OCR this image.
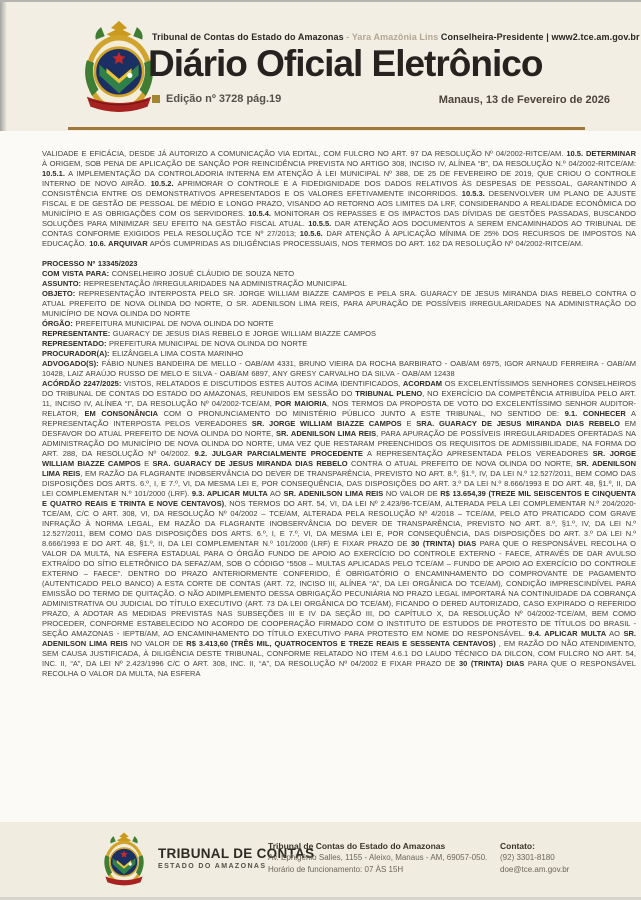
Tribunal de Contas do Estado do Amazonas - Yara Amazônia Lins Conselheira-Presidente | www2.tce.am.gov.br
Diário Oficial Eletrônico
Edição nº 3728 pág.19	Manaus, 13 de Fevereiro de 2026

VALIDADE E EFICÁCIA, DESDE JÁ AUTORIZO A COMUNICAÇÃO VIA EDITAL, COM FULCRO NO ART. 97 DA RESOLUÇÃO Nº 04/2002-RITCE/AM. 10.5. DETERMINAR À ORIGEM, SOB PENA DE APLICAÇÃO DE SANÇÃO POR REINCIDÊNCIA PREVISTA NO ARTIGO 308, INCISO IV, ALÍNEA “B”, DA RESOLUÇÃO N.º 04/2002-RITCE/AM: 10.5.1. A IMPLEMENTAÇÃO DA CONTROLADORIA INTERNA EM ATENÇÃO À LEI MUNICIPAL Nº 388, DE 25 DE FEVEREIRO DE 2019, QUE CRIOU O CONTROLE INTERNO DE NOVO AIRÃO. 10.5.2. APRIMORAR O CONTROLE E A FIDEDIGNIDADE DOS DADOS RELATIVOS ÀS DESPESAS DE PESSOAL, GARANTINDO A CONSISTÊNCIA ENTRE OS DEMONSTRATIVOS APRESENTADOS E OS VALORES EFETIVAMENTE INCORRIDOS. 10.5.3. DESENVOLVER UM PLANO DE AJUSTE FISCAL E DE GESTÃO DE PESSOAL DE MÉDIO E LONGO PRAZO, VISANDO AO RETORNO AOS LIMITES DA LRF, CONSIDERANDO A REALIDADE ECONÔMICA DO MUNICÍPIO E AS OBRIGAÇÕES COM OS SERVIDORES. 10.5.4. MONITORAR OS REPASSES E OS IMPACTOS DAS DÍVIDAS DE GESTÕES PASSADAS, BUSCANDO SOLUÇÕES PARA MINIMIZAR SEU EFEITO NA GESTÃO FISCAL ATUAL. 10.5.5. DAR ATENÇÃO AOS DOCUMENTOS A SEREM ENCAMINHADOS AO TRIBUNAL DE CONTAS CONFORME EXIGIDOS PELA RESOLUÇÃO TCE Nº 27/2013; 10.5.6. DAR ATENÇÃO À APLICAÇÃO MÍNIMA DE 25% DOS RECURSOS DE IMPOSTOS NA EDUCAÇÃO. 10.6. ARQUIVAR APÓS CUMPRIDAS AS DILIGÊNCIAS PROCESSUAIS, NOS TERMOS DO ART. 162 DA RESOLUÇÃO Nº 04/2002-RITCE/AM.

PROCESSO Nº 13345/2023

COM VISTA PARA: CONSELHEIRO JOSUÉ CLÁUDIO DE SOUZA NETO

ASSUNTO: REPRESENTAÇÃO /IRREGULARIDADES NA ADMINISTRAÇÃO MUNICIPAL

OBJETO: REPRESENTAÇÃO INTERPOSTA PELO SR. JORGE WILLIAM BIAZZE CAMPOS E PELA SRA. GUARACY DE JESUS MIRANDA DIAS REBELO CONTRA O ATUAL PREFEITO DE NOVA OLINDA DO NORTE, O SR. ADENILSON LIMA REIS, PARA APURAÇÃO DE POSSÍVEIS IRREGULARIDADES NA ADMINISTRAÇÃO DO MUNICÍPIO DE NOVA OLINDA DO NORTE

ÓRGÃO: PREFEITURA MUNICIPAL DE NOVA OLINDA DO NORTE

REPRESENTANTE: GUARACY DE JESUS DIAS REBELO E JORGE WILLIAM BIAZZE CAMPOS

REPRESENTADO: PREFEITURA MUNICIPAL DE NOVA OLINDA DO NORTE

PROCURADOR(A): ELIZÂNGELA LIMA COSTA MARINHO

ADVOGADO(S): FÁBIO NUNES BANDEIRA DE MELLO - OAB/AM 4331, BRUNO VIEIRA DA ROCHA BARBIRATO - OAB/AM 6975, IGOR ARNAUD FERREIRA - OAB/AM 10428, LAIZ ARAÚJO RUSSO DE MELO E SILVA - OAB/AM 6897, ANY GRESY CARVALHO DA SILVA - OAB/AM 12438

ACÓRDÃO 2247/2025: VISTOS, RELATADOS E DISCUTIDOS ESTES AUTOS ACIMA IDENTIFICADOS, ACORDAM OS EXCELENTÍSSIMOS SENHORES CONSELHEIROS DO TRIBUNAL DE CONTAS DO ESTADO DO AMAZONAS, REUNIDOS EM SESSÃO DO TRIBUNAL PLENO, NO EXERCÍCIO DA COMPETÊNCIA ATRIBUÍDA PELO ART. 11, INCISO IV, ALÍNEA “I”, DA RESOLUÇÃO Nº 04/2002-TCE/AM, POR MAIORIA, NOS TERMOS DA PROPOSTA DE VOTO DO EXCELENTÍSSIMO SENHOR AUDITOR-RELATOR, EM CONSONÂNCIA COM O PRONUNCIAMENTO DO MINISTÉRIO PÚBLICO JUNTO A ESTE TRIBUNAL, NO SENTIDO DE: 9.1. CONHECER A REPRESENTAÇÃO INTERPOSTA PELOS VEREADORES SR. JORGE WILLIAM BIAZZE CAMPOS E SRA. GUARACY DE JESUS MIRANDA DIAS REBELO EM DESFAVOR DO ATUAL PREFEITO DE NOVA OLINDA DO NORTE, SR. ADENILSON LIMA REIS, PARA APURAÇÃO DE POSSÍVEIS IRREGULARIDADES OFERTADAS NA ADMINISTRAÇÃO DO MUNICÍPIO DE NOVA OLINDA DO NORTE, UMA VEZ QUE RESTARAM PREENCHIDOS OS REQUISITOS DE ADMISSIBILIDADE, NA FORMA DO ART. 288, DA RESOLUÇÃO Nº 04/2002. 9.2. JULGAR PARCIALMENTE PROCEDENTE A REPRESENTAÇÃO APRESENTADA PELOS VEREADORES SR. JORGE WILLIAM BIAZZE CAMPOS E SRA. GUARACY DE JESUS MIRANDA DIAS REBELO CONTRA O ATUAL PREFEITO DE NOVA OLINDA DO NORTE, SR. ADENILSON LIMA REIS, EM RAZÃO DA FLAGRANTE INOBSERVÂNCIA DO DEVER DE TRANSPARÊNCIA, PREVISTO NO ART. 8.º, §1.º, IV, DA LEI N.º 12.527/2011, BEM COMO DAS DISPOSIÇÕES DOS ARTS. 6.º, I, E 7.º, VI, DA MESMA LEI E, POR CONSEQUÊNCIA, DAS DISPOSIÇÕES DO ART. 3.º DA LEI N.º 8.666/1993 E DO ART. 48, §1.º, II, DA LEI COMPLEMENTAR N.º 101/2000 (LRF). 9.3. APLICAR MULTA AO SR. ADENILSON LIMA REIS NO VALOR DE R$ 13.654,39 (TREZE MIL SEISCENTOS E CINQUENTA E QUATRO REAIS E TRINTA E NOVE CENTAVOS), NOS TERMOS DO ART. 54, VI, DA LEI Nº 2.423/96-TCE/AM, ALTERADA PELA LEI COMPLEMENTAR N.º 204/2020-TCE/AM, C/C O ART. 308, VI, DA RESOLUÇÃO Nº 04/2002 – TCE/AM, ALTERADA PELA RESOLUÇÃO Nº 4/2018 – TCE/AM, PELO ATO PRATICADO COM GRAVE INFRAÇÃO À NORMA LEGAL, EM RAZÃO DA FLAGRANTE INOBSERVÂNCIA DO DEVER DE TRANSPARÊNCIA, PREVISTO NO ART. 8.º, §1.º, IV, DA LEI N.º 12.527/2011, BEM COMO DAS DISPOSIÇÕES DOS ARTS. 6.º, I, E 7.º, VI, DA MESMA LEI E, POR CONSEQUÊNCIA, DAS DISPOSIÇÕES DO ART. 3.º DA LEI N.º 8.666/1993 E DO ART. 48, §1.º, II, DA LEI COMPLEMENTAR N.º 101/2000 (LRF) E FIXAR PRAZO DE 30 (TRINTA) DIAS PARA QUE O RESPONSÁVEL RECOLHA O VALOR DA MULTA, NA ESFERA ESTADUAL PARA O ÓRGÃO FUNDO DE APOIO AO EXERCÍCIO DO CONTROLE EXTERNO - FAECE, ATRAVÉS DE DAR AVULSO EXTRAÍDO DO SÍTIO ELETRÔNICO DA SEFAZ/AM, SOB O CÓDIGO “5508 – MULTAS APLICADAS PELO TCE/AM – FUNDO DE APOIO AO EXERCÍCIO DO CONTROLE EXTERNO – FAECE”. DENTRO DO PRAZO ANTERIORMENTE CONFERIDO, É OBRIGATÓRIO O ENCAMINHAMENTO DO COMPROVANTE DE PAGAMENTO (AUTENTICADO PELO BANCO) A ESTA CORTE DE CONTAS (ART. 72, INCISO III, ALÍNEA “A”, DA LEI ORGÂNICA DO TCE/AM), CONDIÇÃO IMPRESCINDÍVEL PARA EMISSÃO DO TERMO DE QUITAÇÃO. O NÃO ADIMPLEMENTO DESSA OBRIGAÇÃO PECUNIÁRIA NO PRAZO LEGAL IMPORTARÁ NA CONTINUIDADE DA COBRANÇA ADMINISTRATIVA OU JUDICIAL DO TÍTULO EXECUTIVO (ART. 73 DA LEI ORGÂNICA DO TCE/AM), FICANDO O DERED AUTORIZADO, CASO EXPIRADO O REFERIDO PRAZO, A ADOTAR AS MEDIDAS PREVISTAS NAS SUBSEÇÕES III E IV DA SEÇÃO III, DO CAPÍTULO X, DA RESOLUÇÃO Nº 04/2002-TCE/AM, BEM COMO PROCEDER, CONFORME ESTABELECIDO NO ACORDO DE COOPERAÇÃO FIRMADO COM O INSTITUTO DE ESTUDOS DE PROTESTO DE TÍTULOS DO BRASIL - SEÇÃO AMAZONAS - IEPTB/AM, AO ENCAMINHAMENTO DO TÍTULO EXECUTIVO PARA PROTESTO EM NOME DO RESPONSÁVEL. 9.4. APLICAR MULTA AO SR. ADENILSON LIMA REIS NO VALOR DE R$ 3.413,60 (TRÊS MIL, QUATROCENTOS E TREZE REAIS E SESSENTA CENTAVOS) , EM RAZÃO DO NÃO ATENDIMENTO, SEM CAUSA JUSTIFICADA, À DILIGÊNCIA DESTE TRIBUNAL, CONFORME RELATADO NO ITEM 4.6.1 DO LAUDO TÉCNICO DA DILCON, COM FULCRO NO ART. 54, INC. II, “A”, DA LEI Nº 2.423/1996 C/C O ART. 308, INC. II, “A”, DA RESOLUÇÃO Nº 04/2002 E FIXAR PRAZO DE 30 (TRINTA) DIAS PARA QUE O RESPONSÁVEL RECOLHA O VALOR DA MULTA, NA ESFERA

TRIBUNAL DE CONTAS
ESTADO DO AMAZONAS
Tribunal de Contas do Estado do Amazonas
Av. Ephigênio Salles, 1155 - Aleixo, Manaus - AM, 69057-050.
Horário de funcionamento: 07 ÀS 15H
Contato:
(92) 3301-8180
doe@tce.am.gov.br
